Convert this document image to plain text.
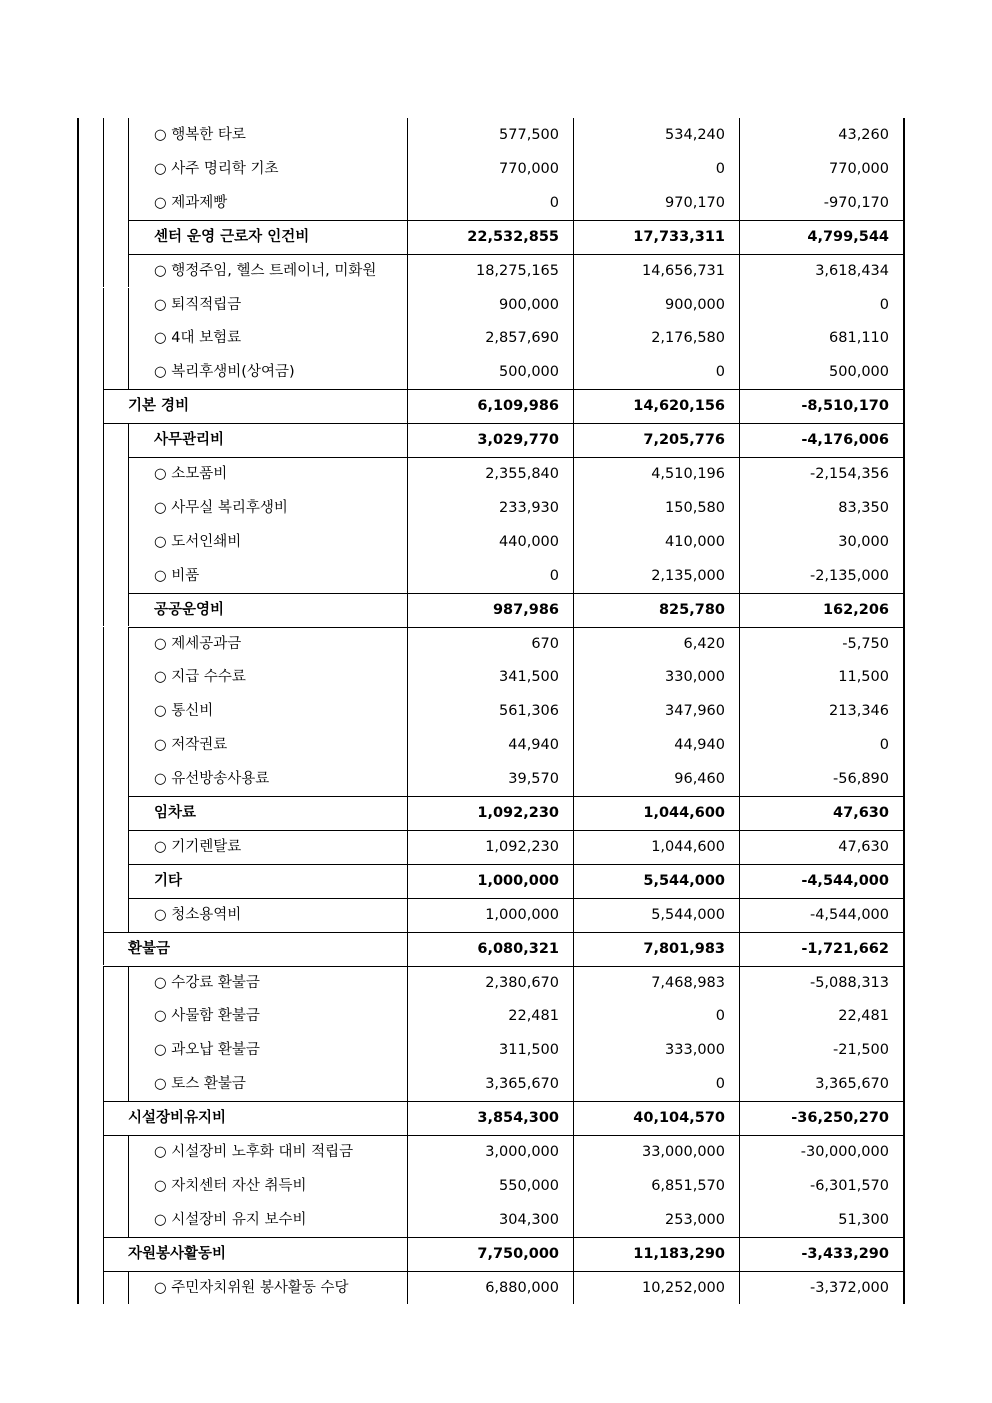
○ 행복한 타로	577,500	534,240	43,260
○ 사주 명리학 기초	770,000	0	770,000
○ 제과제빵	0	970,170	-970,170
센터 운영 근로자 인건비	22,532,855	17,733,311	4,799,544
○ 행정주임, 헬스 트레이너, 미화원	18,275,165	14,656,731	3,618,434
○ 퇴직적립금	900,000	900,000	0
○ 4대 보험료	2,857,690	2,176,580	681,110
○ 복리후생비(상여금)	500,000	0	500,000
기본 경비	6,109,986	14,620,156	-8,510,170
사무관리비	3,029,770	7,205,776	-4,176,006
○ 소모품비	2,355,840	4,510,196	-2,154,356
○ 사무실 복리후생비	233,930	150,580	83,350
○ 도서인쇄비	440,000	410,000	30,000
○ 비품	0	2,135,000	-2,135,000
공공운영비	987,986	825,780	162,206
○ 제세공과금	670	6,420	-5,750
○ 지급 수수료	341,500	330,000	11,500
○ 통신비	561,306	347,960	213,346
○ 저작권료	44,940	44,940	0
○ 유선방송사용료	39,570	96,460	-56,890
임차료	1,092,230	1,044,600	47,630
○ 기기렌탈료	1,092,230	1,044,600	47,630
기타	1,000,000	5,544,000	-4,544,000
○ 청소용역비	1,000,000	5,544,000	-4,544,000
환불금	6,080,321	7,801,983	-1,721,662
○ 수강료 환불금	2,380,670	7,468,983	-5,088,313
○ 사물함 환불금	22,481	0	22,481
○ 과오납 환불금	311,500	333,000	-21,500
○ 토스 환불금	3,365,670	0	3,365,670
시설장비유지비	3,854,300	40,104,570	-36,250,270
○ 시설장비 노후화 대비 적립금	3,000,000	33,000,000	-30,000,000
○ 자치센터 자산 취득비	550,000	6,851,570	-6,301,570
○ 시설장비 유지 보수비	304,300	253,000	51,300
자원봉사활동비	7,750,000	11,183,290	-3,433,290
○ 주민자치위원 봉사활동 수당	6,880,000	10,252,000	-3,372,000
